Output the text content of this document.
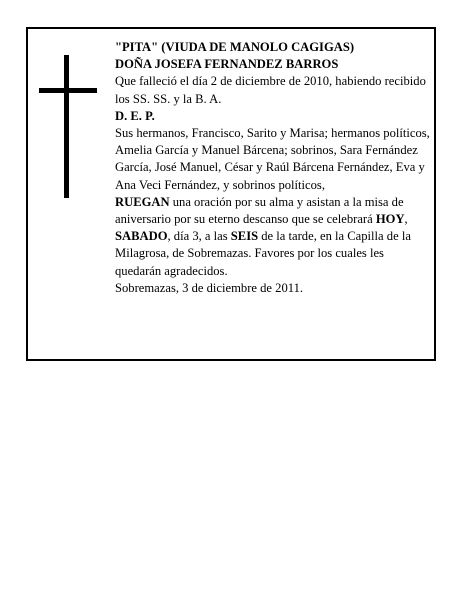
"PITA" (VIUDA DE MANOLO CAGIGAS)

DOÑA JOSEFA FERNANDEZ BARROS

Que falleció el día 2 de diciembre de 2010, habiendo recibido los SS. SS. y la B. A.

D. E. P.

Sus hermanos, Francisco, Sarito y Marisa; hermanos políticos, Amelia García y Manuel Bárcena; sobrinos, Sara Fernández García, José Manuel, César y Raúl Bárcena Fernández, Eva y Ana Veci Fernández, y sobrinos políticos,

RUEGAN una oración por su alma y asistan a la misa de aniversario por su eterno descanso que se celebrará HOY, SABADO, día 3, a las SEIS de la tarde, en la Capilla de la Milagrosa, de Sobremazas. Favores por los cuales les quedarán agradecidos.

Sobremazas, 3 de diciembre de 2011.
